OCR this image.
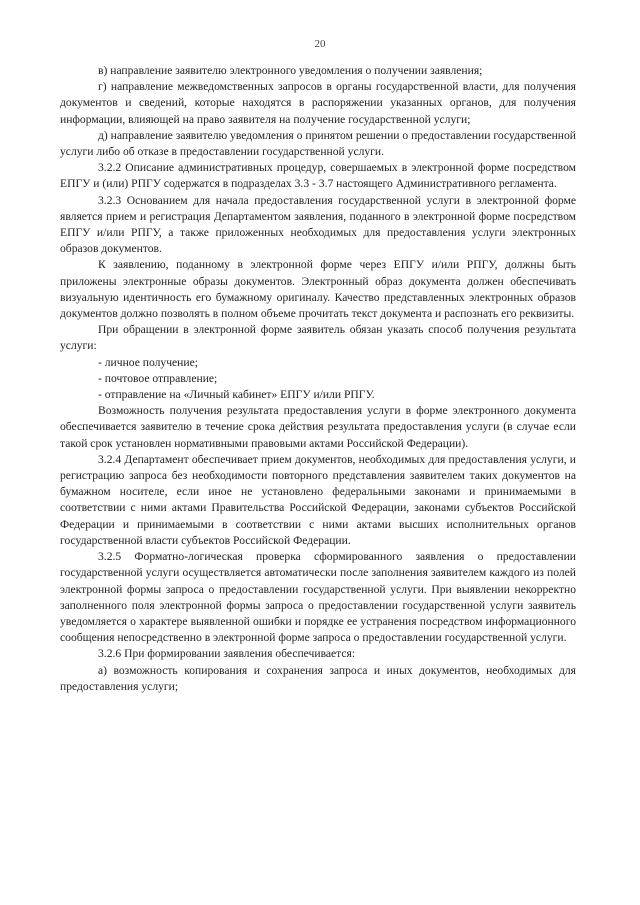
20

в) направление заявителю электронного уведомления о получении заявления;

г) направление межведомственных запросов в органы государственной власти, для получения документов и сведений, которые находятся в распоряжении указанных органов, для получения информации, влияющей на право заявителя на получение государственной услуги;

д) направление заявителю уведомления о принятом решении о предоставлении государственной услуги либо об отказе в предоставлении государственной услуги.

3.2.2 Описание административных процедур, совершаемых в электронной форме посредством ЕПГУ и (или) РПГУ содержатся в подразделах 3.3 - 3.7 настоящего Административного регламента.

3.2.3 Основанием для начала предоставления государственной услуги в электронной форме является прием и регистрация Департаментом заявления, поданного в электронной форме посредством ЕПГУ и/или РПГУ, а также приложенных необходимых для предоставления услуги электронных образов документов.

К заявлению, поданному в электронной форме через ЕПГУ и/или РПГУ, должны быть приложены электронные образы документов. Электронный образ документа должен обеспечивать визуальную идентичность его бумажному оригиналу. Качество представленных электронных образов документов должно позволять в полном объеме прочитать текст документа и распознать его реквизиты.

При обращении в электронной форме заявитель обязан указать способ получения результата услуги:

- личное получение;

- почтовое отправление;

- отправление на «Личный кабинет» ЕПГУ и/или РПГУ.

Возможность получения результата предоставления услуги в форме электронного документа обеспечивается заявителю в течение срока действия результата предоставления услуги (в случае если такой срок установлен нормативными правовыми актами Российской Федерации).

3.2.4 Департамент обеспечивает прием документов, необходимых для предоставления услуги, и регистрацию запроса без необходимости повторного представления заявителем таких документов на бумажном носителе, если иное не установлено федеральными законами и принимаемыми в соответствии с ними актами Правительства Российской Федерации, законами субъектов Российской Федерации и принимаемыми в соответствии с ними актами высших исполнительных органов государственной власти субъектов Российской Федерации.

3.2.5 Форматно-логическая проверка сформированного заявления о предоставлении государственной услуги осуществляется автоматически после заполнения заявителем каждого из полей электронной формы запроса о предоставлении государственной услуги. При выявлении некорректно заполненного поля электронной формы запроса о предоставлении государственной услуги заявитель уведомляется о характере выявленной ошибки и порядке ее устранения посредством информационного сообщения непосредственно в электронной форме запроса о предоставлении государственной услуги.

3.2.6 При формировании заявления обеспечивается:

а) возможность копирования и сохранения запроса и иных документов, необходимых для предоставления услуги;
